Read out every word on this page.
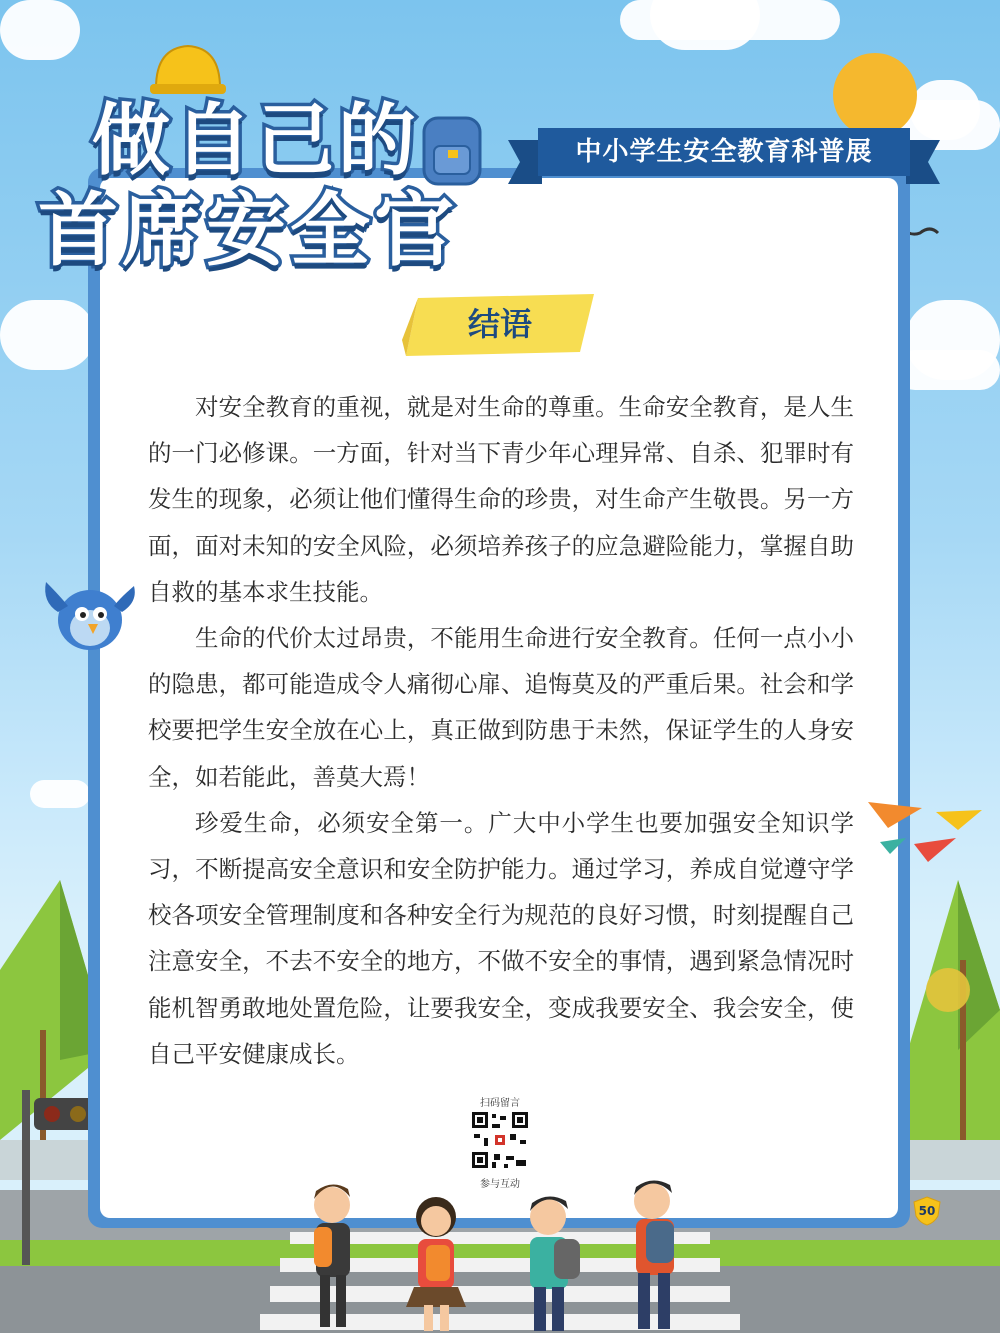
做自己的
首席安全官
中小学生安全教育科普展
结语

对安全教育的重视，就是对生命的尊重。生命安全教育，是人生的一门必修课。一方面，针对当下青少年心理异常、自杀、犯罪时有发生的现象，必须让他们懂得生命的珍贵，对生命产生敬畏。另一方面，面对未知的安全风险，必须培养孩子的应急避险能力，掌握自助自救的基本求生技能。

生命的代价太过昂贵，不能用生命进行安全教育。任何一点小小的隐患，都可能造成令人痛彻心扉、追悔莫及的严重后果。社会和学校要把学生安全放在心上，真正做到防患于未然，保证学生的人身安全，如若能此，善莫大焉！

珍爱生命，必须安全第一。广大中小学生也要加强安全知识学习，不断提高安全意识和安全防护能力。通过学习，养成自觉遵守学校各项安全管理制度和各种安全行为规范的良好习惯，时刻提醒自己注意安全，不去不安全的地方，不做不安全的事情，遇到紧急情况时能机智勇敢地处置危险，让要我安全，变成我要安全、我会安全，使自己平安健康成长。

扫码留言
参与互动
50
